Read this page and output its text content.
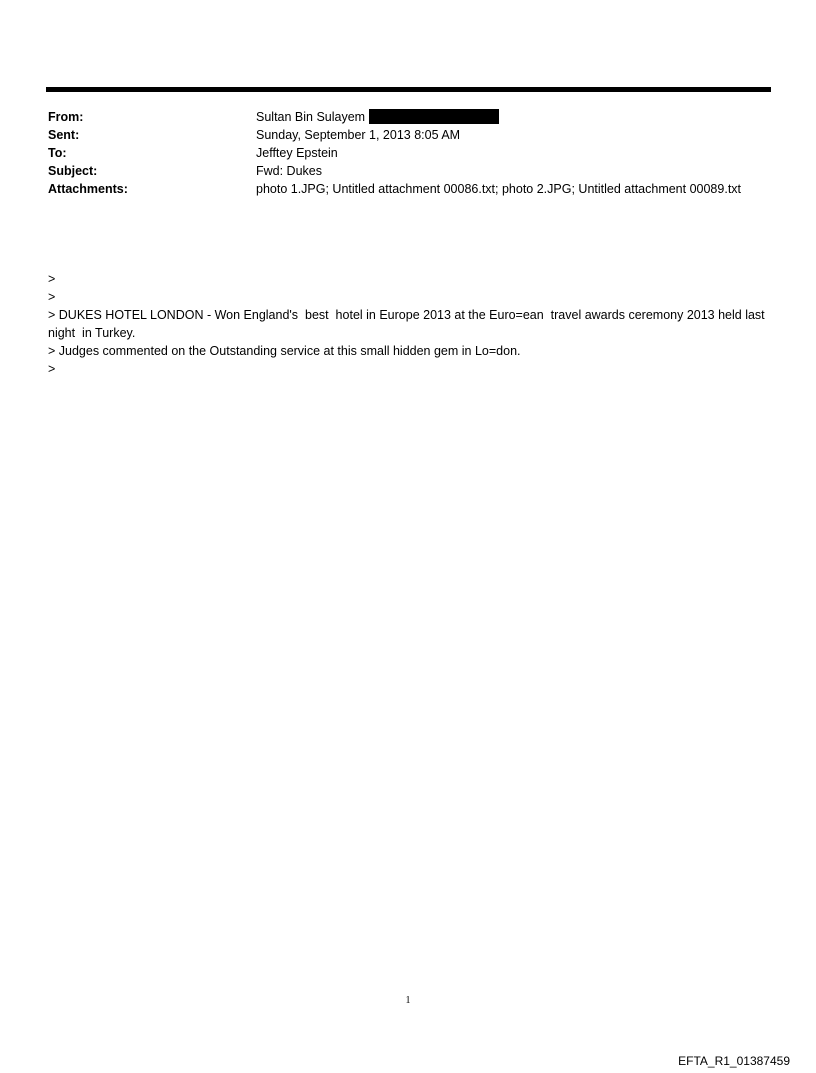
From:	Sultan Bin Sulayem
Sent:	Sunday, September 1, 2013 8:05 AM
To:	Jefftey Epstein
Subject:	Fwd: Dukes
Attachments:	photo 1.JPG; Untitled attachment 00086.txt; photo 2.JPG; Untitled attachment 00089.txt
>
>
> DUKES HOTEL LONDON - Won England's  best  hotel in Europe 2013 at the Euro=ean  travel awards ceremony 2013 held last night  in Turkey.
> Judges commented on the Outstanding service at this small hidden gem in Lo=don.
>
1
EFTA_R1_01387459
